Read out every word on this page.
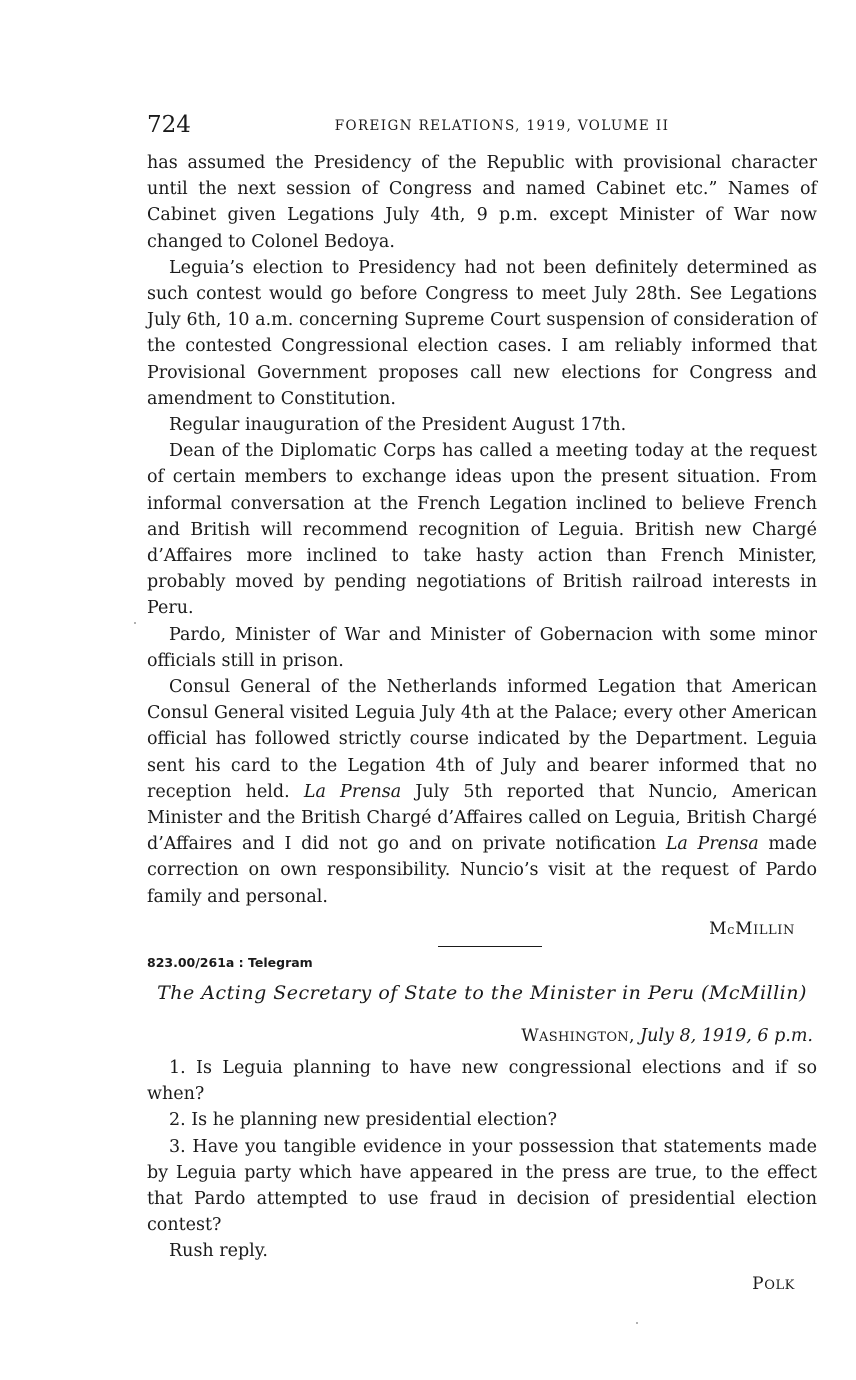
724	FOREIGN RELATIONS, 1919, VOLUME II

has assumed the Presidency of the Republic with provisional character until the next session of Congress and named Cabinet etc.” Names of Cabinet given Legations July 4th, 9 p.m. except Minister of War now changed to Colonel Bedoya.

Leguia’s election to Presidency had not been definitely determined as such contest would go before Congress to meet July 28th. See Legations July 6th, 10 a.m. concerning Supreme Court suspension of consideration of the contested Congressional election cases. I am reliably informed that Provisional Government proposes call new elections for Congress and amendment to Constitution.

Regular inauguration of the President August 17th.

Dean of the Diplomatic Corps has called a meeting today at the request of certain members to exchange ideas upon the present situation. From informal conversation at the French Legation inclined to believe French and British will recommend recognition of Leguia. British new Chargé d’Affaires more inclined to take hasty action than French Minister, probably moved by pending negotiations of British railroad interests in Peru.

Pardo, Minister of War and Minister of Gobernacion with some minor officials still in prison.

Consul General of the Netherlands informed Legation that American Consul General visited Leguia July 4th at the Palace; every other American official has followed strictly course indicated by the Department. Leguia sent his card to the Legation 4th of July and bearer informed that no reception held. La Prensa July 5th reported that Nuncio, American Minister and the British Chargé d’Affaires called on Leguia, British Chargé d’Affaires and I did not go and on private notification La Prensa made correction on own responsibility. Nuncio’s visit at the request of Pardo family and personal.

McMILLIN
823.00/261a : Telegram
The Acting Secretary of State to the Minister in Peru (McMillin)
WASHINGTON, July 8, 1919, 6 p.m.

1. Is Leguia planning to have new congressional elections and if so when?

2. Is he planning new presidential election?

3. Have you tangible evidence in your possession that statements made by Leguia party which have appeared in the press are true, to the effect that Pardo attempted to use fraud in decision of presidential election contest?

Rush reply.

POLK
